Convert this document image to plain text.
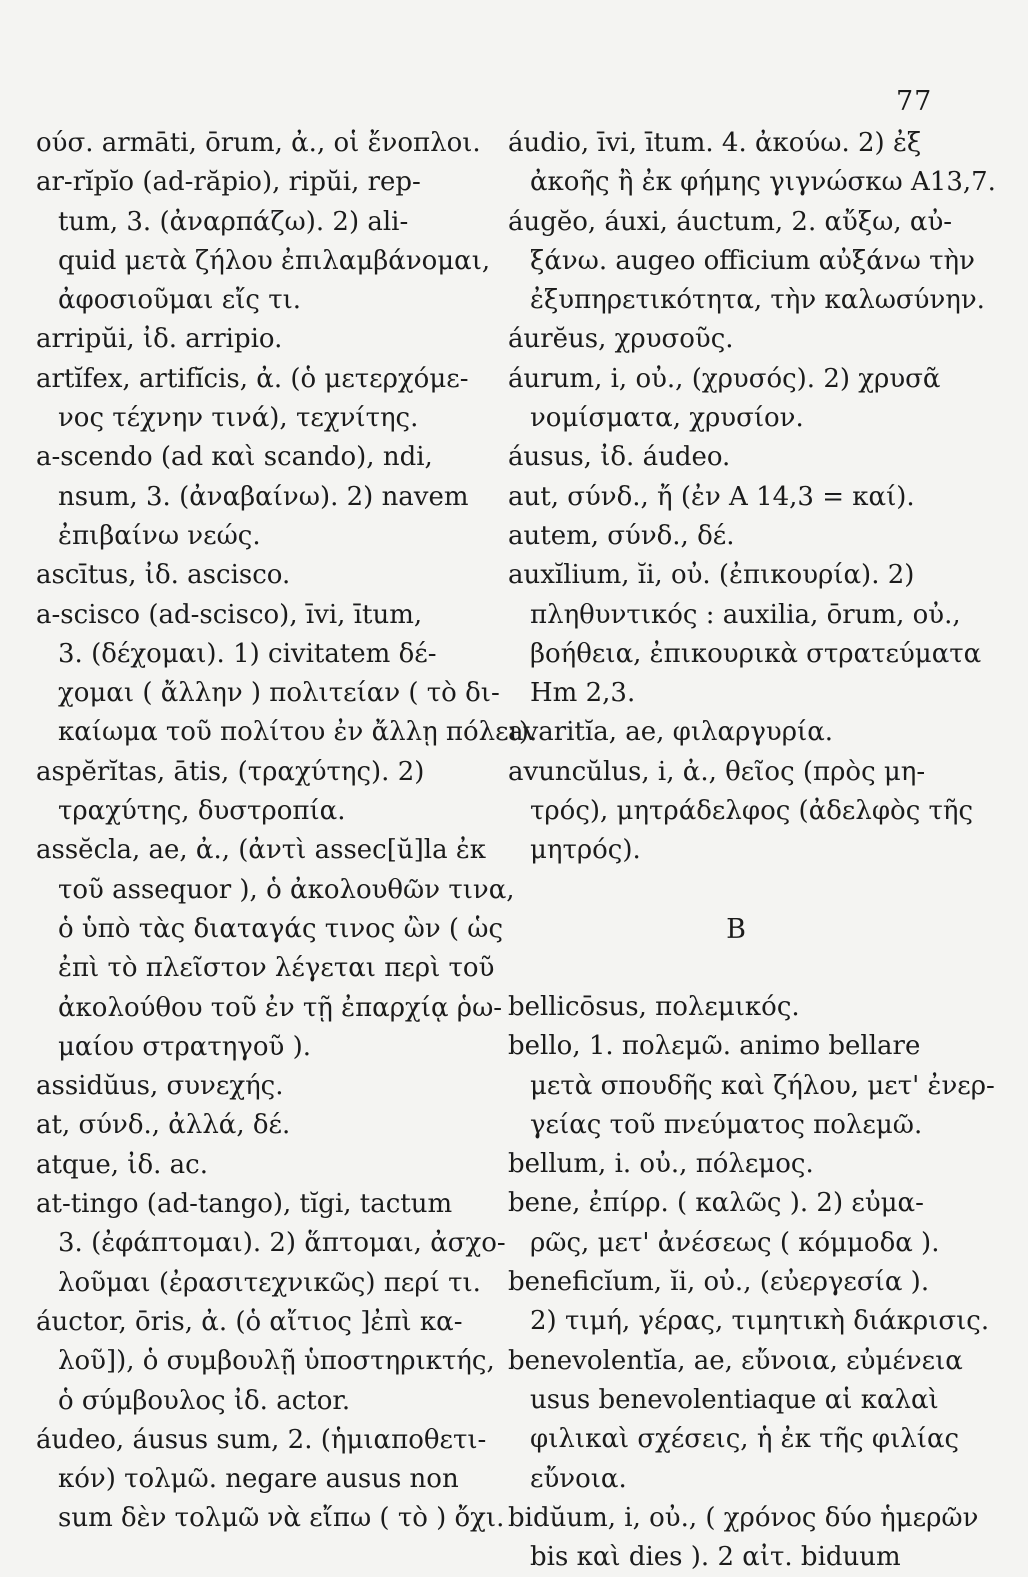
77
ούσ. armāti, ōrum, ἀ., οἱ ἔνοπλοι.
ar-rĭpĭo (ad-răpio), ripŭi, rep-
tum, 3. (ἀναρπάζω). 2) ali-
quid μετὰ ζήλου ἐπιλαμβάνομαι,
ἀφοσιοῦμαι εἴς τι.
arripŭi, ἰδ. arripio.
artĭfex, artifĭcis, ἀ. (ὁ μετερχόμε-
νος τέχνην τινά), τεχνίτης.
a-scendo (ad καὶ scando), ndi,
nsum, 3. (ἀναβαίνω). 2) navem
ἐπιβαίνω νεώς.
ascītus, ἰδ. ascisco.
a-scisco (ad-scisco), īvi, ītum,
3. (δέχομαι). 1) civitatem δέ-
χομαι ( ἄλλην ) πολιτείαν ( τὸ δι-
καίωμα τοῦ πολίτου ἐν ἄλλῃ πόλει).
aspĕrĭtas, ātis, (τραχύτης). 2)
τραχύτης, δυστροπία.
assĕcla, ae, ἀ., (ἀντὶ assec[ŭ]la ἐκ
τοῦ assequor ), ὁ ἀκολουθῶν τινα,
ὁ ὑπὸ τὰς διαταγάς τινος ὢν ( ὡς
ἐπὶ τὸ πλεῖστον λέγεται περὶ τοῦ
ἀκολούθου τοῦ ἐν τῇ ἐπαρχίᾳ ῥω-
μαίου στρατηγοῦ ).
assidŭus, συνεχής.
at, σύνδ., ἀλλά, δέ.
atque, ἰδ. ac.
at-tingo (ad-tango), tĭgi, tactum
3. (ἐφάπτομαι). 2) ἅπτομαι, ἀσχο-
λοῦμαι (ἐρασιτεχνικῶς) περί τι.
áuctor, ōris, ἀ. (ὁ αἴτιος ]ἐπὶ κα-
λοῦ]), ὁ συμβουλῇ ὑποστηρικτής,
ὁ σύμβουλος ἰδ. actor.
áudeo, áusus sum, 2. (ἡμιαποθετι-
κόν) τολμῶ. negare ausus non
sum δὲν τολμῶ νὰ εἴπω ( τὸ ) ὄχι.
áudio, īvi, ītum. 4. ἀκούω. 2) ἐξ
ἀκοῆς ἢ ἐκ φήμης γιγνώσκω A13,7.
áugĕo, áuxi, áuctum, 2. αὔξω, αὐ-
ξάνω. augeo officium αὐξάνω τὴν
ἐξυπηρετικότητα, τὴν καλωσύνην.
áurĕus, χρυσοῦς.
áurum, i, οὐ., (χρυσός). 2) χρυσᾶ
νομίσματα, χρυσίον.
áusus, ἰδ. áudeo.
aut, σύνδ., ἤ (ἐν A 14,3 = καί).
autem, σύνδ., δέ.
auxĭlium, ĭi, οὐ. (ἐπικουρία). 2)
πληθυντικός : auxilia, ōrum, οὐ.,
βοήθεια, ἐπικουρικὰ στρατεύματα
Hm 2,3.
avaritĭa, ae, φιλαργυρία.
avuncŭlus, i, ἀ., θεῖος (πρὸς μη-
τρός), μητράδελφος (ἀδελφὸς τῆς
μητρός).
B
bellicōsus, πολεμικός.
bello, 1. πολεμῶ. animo bellare
μετὰ σπουδῆς καὶ ζήλου, μετ' ἐνερ-
γείας τοῦ πνεύματος πολεμῶ.
bellum, i. οὐ., πόλεμος.
bene, ἐπίρρ. ( καλῶς ). 2) εὐμα-
ρῶς, μετ' ἀνέσεως ( κόμμοδα ).
beneficĭum, ĭi, οὐ., (εὐεργεσία ).
2) τιμή, γέρας, τιμητικὴ διάκρισις.
benevolentĭa, ae, εὔνοια, εὐμένεια
usus benevolentiaque αἱ καλαὶ
φιλικαὶ σχέσεις, ἡ ἐκ τῆς φιλίας
εὔνοια.
bidŭum, i, οὐ., ( χρόνος δύο ἡμερῶν
bis καὶ dies ). 2 αἰτ. biduum
